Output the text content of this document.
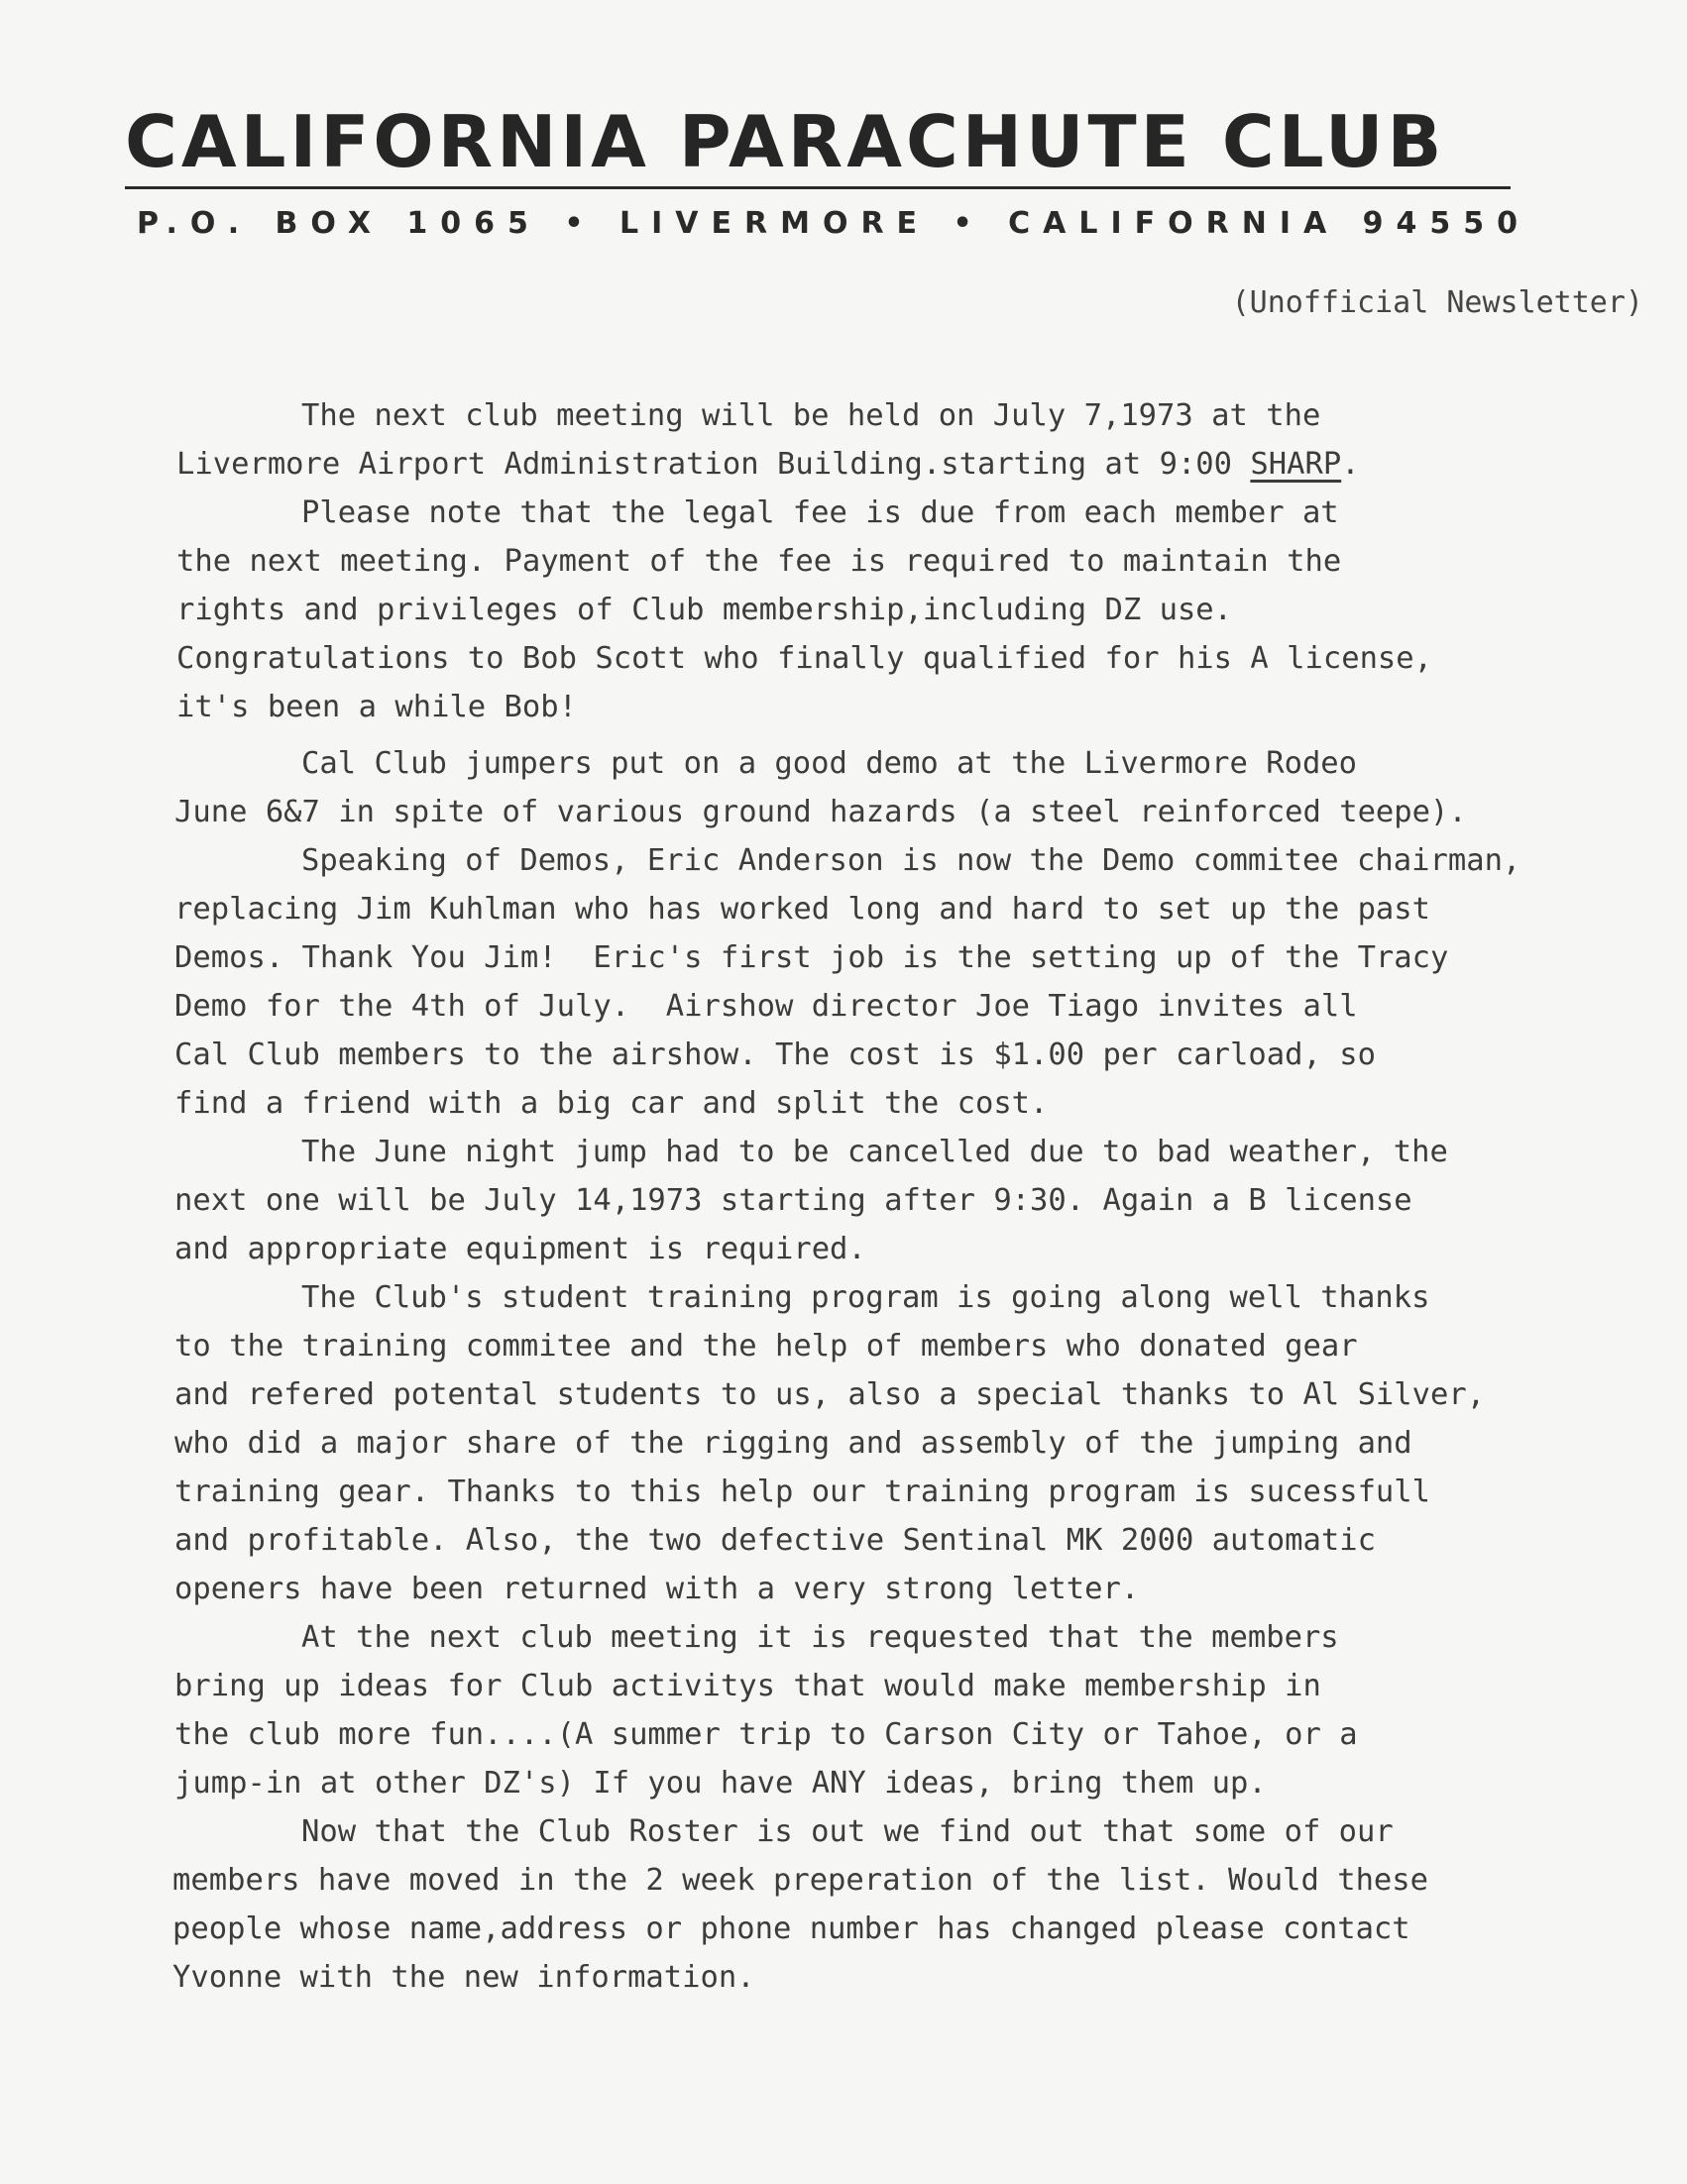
CALIFORNIA PARACHUTE CLUB
P.O. BOX 1065 • LIVERMORE • CALIFORNIA 94550
(Unofficial Newsletter)
The next club meeting will be held on July 7,1973 at the
Livermore Airport Administration Building.starting at 9:00 SHARP.
Please note that the legal fee is due from each member at
the next meeting. Payment of the fee is required to maintain the
rights and privileges of Club membership,including DZ use.
Congratulations to Bob Scott who finally qualified for his A license,
it's been a while Bob!
Cal Club jumpers put on a good demo at the Livermore Rodeo
June 6&7 in spite of various ground hazards (a steel reinforced teepe).
Speaking of Demos, Eric Anderson is now the Demo commitee chairman,
replacing Jim Kuhlman who has worked long and hard to set up the past
Demos. Thank You Jim!  Eric's first job is the setting up of the Tracy
Demo for the 4th of July.  Airshow director Joe Tiago invites all
Cal Club members to the airshow. The cost is $1.00 per carload, so
find a friend with a big car and split the cost.
The June night jump had to be cancelled due to bad weather, the
next one will be July 14,1973 starting after 9:30. Again a B license
and appropriate equipment is required.
The Club's student training program is going along well thanks
to the training commitee and the help of members who donated gear
and refered potental students to us, also a special thanks to Al Silver,
who did a major share of the rigging and assembly of the jumping and
training gear. Thanks to this help our training program is sucessfull
and profitable. Also, the two defective Sentinal MK 2000 automatic
openers have been returned with a very strong letter.
At the next club meeting it is requested that the members
bring up ideas for Club activitys that would make membership in
the club more fun....(A summer trip to Carson City or Tahoe, or a
jump-in at other DZ's) If you have ANY ideas, bring them up.
Now that the Club Roster is out we find out that some of our
members have moved in the 2 week preperation of the list. Would these
people whose name,address or phone number has changed please contact
Yvonne with the new information.
